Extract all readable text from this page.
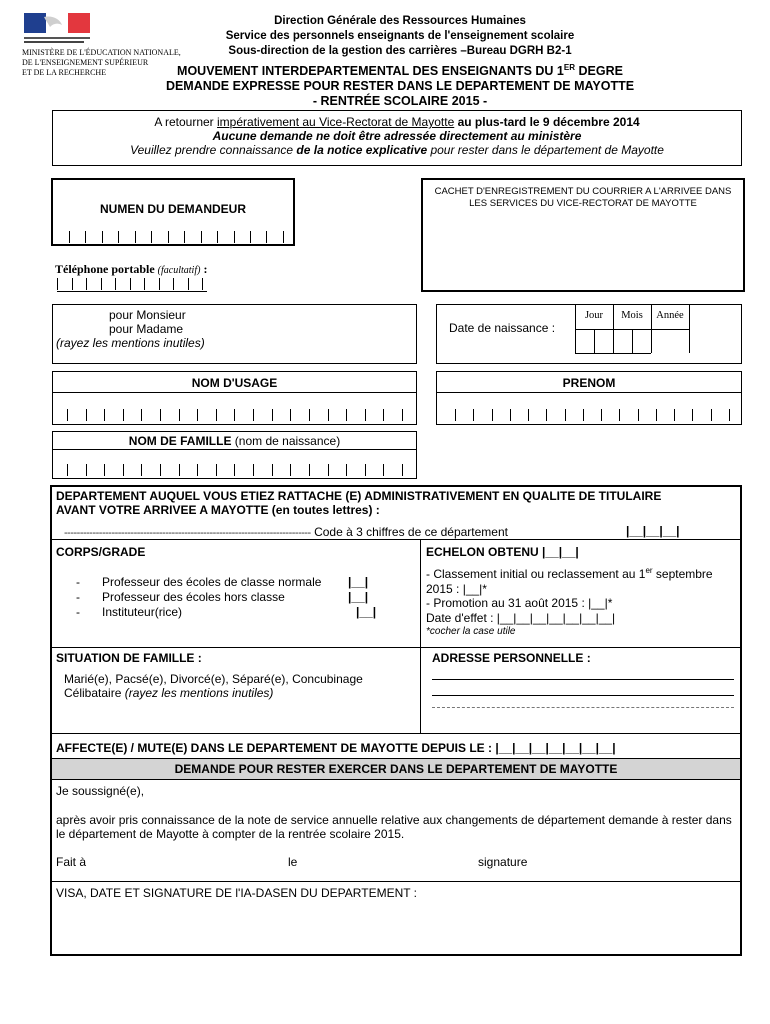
MINISTÈRE DE L'ÉDUCATION NATIONALE,
DE L'ENSEIGNEMENT SUPÉRIEUR
ET DE LA RECHERCHE
Direction Générale des Ressources Humaines
Service des personnels enseignants de l'enseignement scolaire
Sous-direction de la gestion des carrières –Bureau DGRH B2-1
MOUVEMENT INTERDEPARTEMENTAL DES ENSEIGNANTS DU 1ER DEGRE
DEMANDE EXPRESSE POUR RESTER DANS LE DEPARTEMENT DE MAYOTTE
- RENTRÉE SCOLAIRE 2015 -
A retourner impérativement au Vice-Rectorat de Mayotte au plus-tard le 9 décembre 2014
Aucune demande ne doit être adressée directement au ministère
Veuillez prendre connaissance de la notice explicative pour rester dans le département de Mayotte
NUMEN DU DEMANDEUR
CACHET D'ENREGISTREMENT DU COURRIER A L'ARRIVEE DANS LES SERVICES DU VICE-RECTORAT DE MAYOTTE
Téléphone portable (facultatif) :
pour Monsieur
pour Madame
(rayez les mentions inutiles)
Date de naissance :
Jour	Mois	Année
NOM D'USAGE	PRENOM
NOM DE FAMILLE (nom de naissance)
DEPARTEMENT AUQUEL VOUS ETIEZ RATTACHE (E) ADMINISTRATIVEMENT EN QUALITE DE TITULAIRE
AVANT VOTRE ARRIVEE A MAYOTTE (en toutes lettres) :
------------------------------------------------------------------------------ Code à 3 chiffres de ce département	|__|__|__|
CORPS/GRADE
- Professeur des écoles de classe normale |__|
- Professeur des écoles hors classe	|__|
- Instituteur(rice)	|__|
ECHELON OBTENU |__|__|
- Classement initial ou reclassement au 1er septembre
2015 : |__|*
- Promotion au 31 août 2015 : |__|*
Date d'effet : |__|__|__|__|__|__|__|
*cocher la case utile
SITUATION DE FAMILLE :
Marié(e), Pacsé(e), Divorcé(e), Séparé(e), Concubinage
Célibataire (rayez les mentions inutiles)
ADRESSE PERSONNELLE :
AFFECTE(E) / MUTE(E) DANS LE DEPARTEMENT DE MAYOTTE DEPUIS LE : |__|__|__|__|__|__|__|
DEMANDE POUR RESTER EXERCER DANS LE DEPARTEMENT DE MAYOTTE
Je soussigné(e),
après avoir pris connaissance de la note de service annuelle relative aux changements de département demande à rester dans le département de Mayotte à compter de la rentrée scolaire 2015.
Fait à	le	signature
VISA, DATE ET SIGNATURE DE l'IA-DASEN DU DEPARTEMENT :
